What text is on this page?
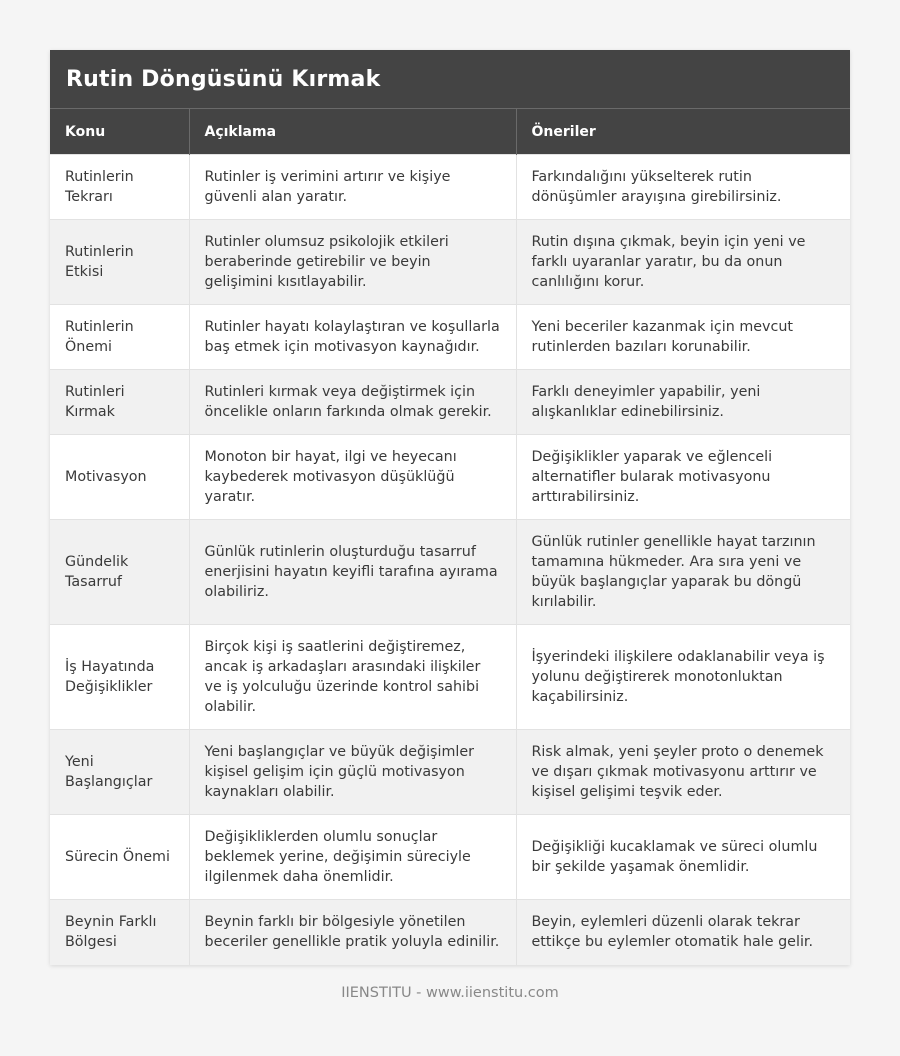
Rutin Döngüsünü Kırmak
Konu	Açıklama	Öneriler
Rutinlerin Tekrarı	Rutinler iş verimini artırır ve kişiye güvenli alan yaratır.	Farkındalığını yükselterek rutin dönüşümler arayışına girebilirsiniz.
Rutinlerin Etkisi	Rutinler olumsuz psikolojik etkileri beraberinde getirebilir ve beyin gelişimini kısıtlayabilir.	Rutin dışına çıkmak, beyin için yeni ve farklı uyaranlar yaratır, bu da onun canlılığını korur.
Rutinlerin Önemi	Rutinler hayatı kolaylaştıran ve koşullarla baş etmek için motivasyon kaynağıdır.	Yeni beceriler kazanmak için mevcut rutinlerden bazıları korunabilir.
Rutinleri Kırmak	Rutinleri kırmak veya değiştirmek için öncelikle onların farkında olmak gerekir.	Farklı deneyimler yapabilir, yeni alışkanlıklar edinebilirsiniz.
Motivasyon	Monoton bir hayat, ilgi ve heyecanı kaybederek motivasyon düşüklüğü yaratır.	Değişiklikler yaparak ve eğlenceli alternatifler bularak motivasyonu arttırabilirsiniz.
Gündelik Tasarruf	Günlük rutinlerin oluşturduğu tasarruf enerjisini hayatın keyifli tarafına ayırama olabiliriz.	Günlük rutinler genellikle hayat tarzının tamamına hükmeder. Ara sıra yeni ve büyük başlangıçlar yaparak bu döngü kırılabilir.
İş Hayatında Değişiklikler	Birçok kişi iş saatlerini değiştiremez, ancak iş arkadaşları arasındaki ilişkiler ve iş yolculuğu üzerinde kontrol sahibi olabilir.	İşyerindeki ilişkilere odaklanabilir veya iş yolunu değiştirerek monotonluktan kaçabilirsiniz.
Yeni Başlangıçlar	Yeni başlangıçlar ve büyük değişimler kişisel gelişim için güçlü motivasyon kaynakları olabilir.	Risk almak, yeni şeyler proto o denemek ve dışarı çıkmak motivasyonu arttırır ve kişisel gelişimi teşvik eder.
Sürecin Önemi	Değişikliklerden olumlu sonuçlar beklemek yerine, değişimin süreciyle ilgilenmek daha önemlidir.	Değişikliği kucaklamak ve süreci olumlu bir şekilde yaşamak önemlidir.
Beynin Farklı Bölgesi	Beynin farklı bir bölgesiyle yönetilen beceriler genellikle pratik yoluyla edinilir.	Beyin, eylemleri düzenli olarak tekrar ettikçe bu eylemler otomatik hale gelir.
IIENSTITU - www.iienstitu.com
